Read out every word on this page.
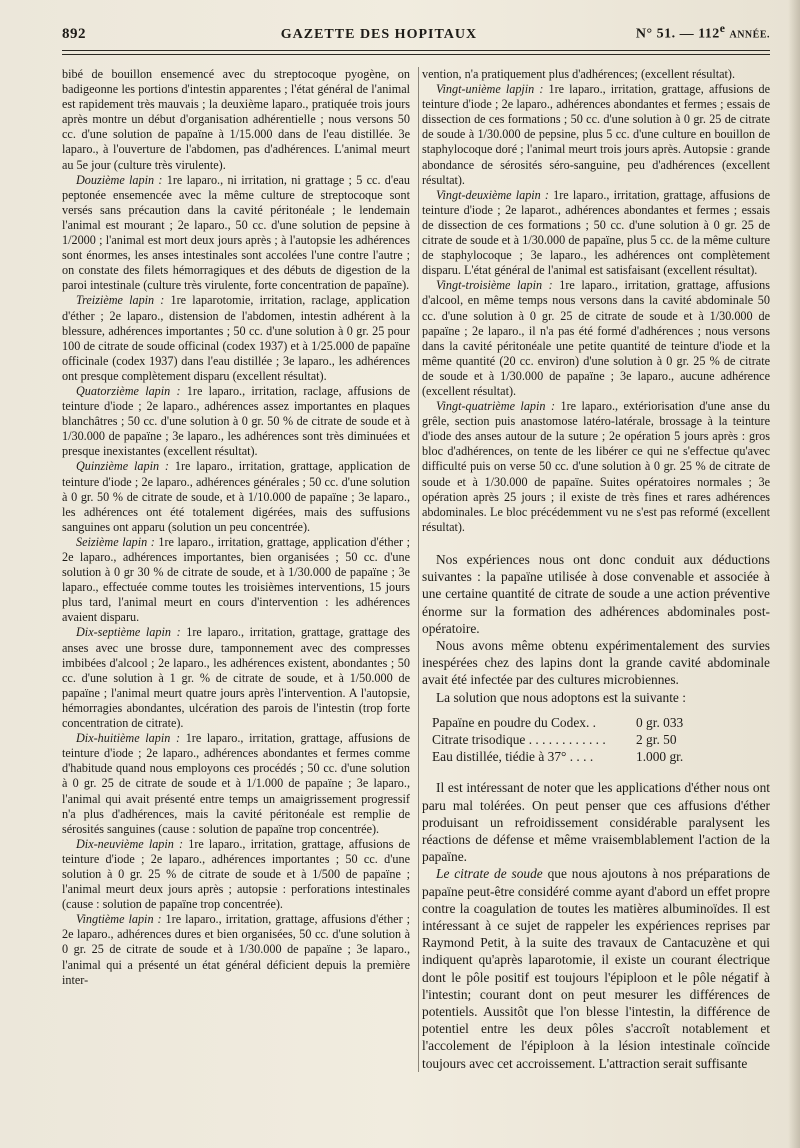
892	GAZETTE DES HOPITAUX	N° 51. — 112e ANNÉE.

bibé de bouillon ensemencé avec du streptocoque pyogène, on badigeonne les portions d'intestin apparentes ; l'état général de l'animal est rapidement très mauvais ; la deuxième laparo., pratiquée trois jours après montre un début d'organisation adhérentielle ; nous versons 50 cc. d'une solution de papaïne à 1/15.000 dans de l'eau distillée. 3e laparo., à l'ouverture de l'abdomen, pas d'adhérences. L'animal meurt au 5e jour (culture très virulente).

Douzième lapin : 1re laparo., ni irritation, ni grattage ; 5 cc. d'eau peptonée ensemencée avec la même culture de streptocoque sont versés sans précaution dans la cavité péritonéale ; le lendemain l'animal est mourant ; 2e laparo., 50 cc. d'une solution de pepsine à 1/2000 ; l'animal est mort deux jours après ; à l'autopsie les adhérences sont énormes, les anses intestinales sont accolées l'une contre l'autre ; on constate des filets hémorragiques et des débuts de digestion de la paroi intestinale (culture très virulente, forte concentration de papaïne).

Treizième lapin : 1re laparotomie, irritation, raclage, application d'éther ; 2e laparo., distension de l'abdomen, intestin adhérent à la blessure, adhérences importantes ; 50 cc. d'une solution à 0 gr. 25 pour 100 de citrate de soude officinal (codex 1937) et à 1/25.000 de papaïne officinale (codex 1937) dans l'eau distillée ; 3e laparo., les adhérences ont presque complètement disparu (excellent résultat).

Quatorzième lapin : 1re laparo., irritation, raclage, affusions de teinture d'iode ; 2e laparo., adhérences assez importantes en plaques blanchâtres ; 50 cc. d'une solution à 0 gr. 50 % de citrate de soude et à 1/30.000 de papaïne ; 3e laparo., les adhérences sont très diminuées et presque inexistantes (excellent résultat).

Quinzième lapin : 1re laparo., irritation, grattage, application de teinture d'iode ; 2e laparo., adhérences générales ; 50 cc. d'une solution à 0 gr. 50 % de citrate de soude, et à 1/10.000 de papaïne ; 3e laparo., les adhérences ont été totalement digérées, mais des suffusions sanguines ont apparu (solution un peu concentrée).

Seizième lapin : 1re laparo., irritation, grattage, application d'éther ; 2e laparo., adhérences importantes, bien organisées ; 50 cc. d'une solution à 0 gr 30 % de citrate de soude, et à 1/30.000 de papaïne ; 3e laparo., effectuée comme toutes les troisièmes interventions, 15 jours plus tard, l'animal meurt en cours d'intervention : les adhérences avaient disparu.

Dix-septième lapin : 1re laparo., irritation, grattage, grattage des anses avec une brosse dure, tamponnement avec des compresses imbibées d'alcool ; 2e laparo., les adhérences existent, abondantes ; 50 cc. d'une solution à 1 gr. % de citrate de soude, et à 1/50.000 de papaïne ; l'animal meurt quatre jours après l'intervention. A l'autopsie, hémorragies abondantes, ulcération des parois de l'intestin (trop forte concentration de citrate).

Dix-huitième lapin : 1re laparo., irritation, grattage, affusions de teinture d'iode ; 2e laparo., adhérences abondantes et fermes comme d'habitude quand nous employons ces procédés ; 50 cc. d'une solution à 0 gr. 25 de citrate de soude et à 1/1.000 de papaïne ; 3e laparo., l'animal qui avait présenté entre temps un amaigrissement progressif n'a plus d'adhérences, mais la cavité péritonéale est remplie de sérosités sanguines (cause : solution de papaïne trop concentrée).

Dix-neuvième lapin : 1re laparo., irritation, grattage, affusions de teinture d'iode ; 2e laparo., adhérences importantes ; 50 cc. d'une solution à 0 gr. 25 % de citrate de soude et à 1/500 de papaïne ; l'animal meurt deux jours après ; autopsie : perforations intestinales (cause : solution de papaïne trop concentrée).

Vingtième lapin : 1re laparo., irritation, grattage, affusions d'éther ; 2e laparo., adhérences dures et bien organisées, 50 cc. d'une solution à 0 gr. 25 de citrate de soude et à 1/30.000 de papaïne ; 3e laparo., l'animal qui a présenté un état général déficient depuis la première inter-

vention, n'a pratiquement plus d'adhérences; (excellent résultat).

Vingt-unième lapjin : 1re laparo., irritation, grattage, affusions de teinture d'iode ; 2e laparo., adhérences abondantes et fermes ; essais de dissection de ces formations ; 50 cc. d'une solution à 0 gr. 25 de citrate de soude à 1/30.000 de pepsine, plus 5 cc. d'une culture en bouillon de staphylocoque doré ; l'animal meurt trois jours après. Autopsie : grande abondance de sérosités séro-sanguine, peu d'adhérences (excellent résultat).

Vingt-deuxième lapin : 1re laparo., irritation, grattage, affusions de teinture d'iode ; 2e laparot., adhérences abondantes et fermes ; essais de dissection de ces formations ; 50 cc. d'une solution à 0 gr. 25 de citrate de soude et à 1/30.000 de papaïne, plus 5 cc. de la même culture de staphylocoque ; 3e laparo., les adhérences ont complètement disparu. L'état général de l'animal est satisfaisant (excellent résultat).

Vingt-troisième lapin : 1re laparo., irritation, grattage, affusions d'alcool, en même temps nous versons dans la cavité abdominale 50 cc. d'une solution à 0 gr. 25 de citrate de soude et à 1/30.000 de papaïne ; 2e laparo., il n'a pas été formé d'adhérences ; nous versons dans la cavité péritonéale une petite quantité de teinture d'iode et la même quantité (20 cc. environ) d'une solution à 0 gr. 25 % de citrate de soude et à 1/30.000 de papaïne ; 3e laparo., aucune adhérence (excellent résultat).

Vingt-quatrième lapin : 1re laparo., extériorisation d'une anse du grêle, section puis anastomose latéro-latérale, brossage à la teinture d'iode des anses autour de la suture ; 2e opération 5 jours après : gros bloc d'adhérences, on tente de les libérer ce qui ne s'effectue qu'avec difficulté puis on verse 50 cc. d'une solution à 0 gr. 25 % de citrate de soude et à 1/30.000 de papaïne. Suites opératoires normales ; 3e opération après 25 jours ; il existe de très fines et rares adhérences abdominales. Le bloc précédemment vu ne s'est pas reformé (excellent résultat).

Nos expériences nous ont donc conduit aux déductions suivantes : la papaïne utilisée à dose convenable et associée à une certaine quantité de citrate de soude a une action préventive énorme sur la formation des adhérences abdominales post-opératoire.

Nous avons même obtenu expérimentalement des survies inespérées chez des lapins dont la grande cavité abdominale avait été infectée par des cultures microbiennes.

La solution que nous adoptons est la suivante :

Papaïne en poudre du Codex. .	0 gr. 033
Citrate trisodique . . . . . . . . . . . . 2 gr. 50
Eau distillée, tiédie à 37° . . . .	1.000 gr.

Il est intéressant de noter que les applications d'éther nous ont paru mal tolérées. On peut penser que ces affusions d'éther produisant un refroidissement considérable paralysent les réactions de défense et même vraisemblablement l'action de la papaïne.

Le citrate de soude que nous ajoutons à nos préparations de papaïne peut-être considéré comme ayant d'abord un effet propre contre la coagulation de toutes les matières albuminoïdes. Il est intéressant à ce sujet de rappeler les expériences reprises par Raymond Petit, à la suite des travaux de Cantacuzène et qui indiquent qu'après laparotomie, il existe un courant électrique dont le pôle positif est toujours l'épiploon et le pôle négatif à l'intestin; courant dont on peut mesurer les différences de potentiels. Aussitôt que l'on blesse l'intestin, la différence de potentiel entre les deux pôles s'accroît notablement et l'accolement de l'épiploon à la lésion intestinale coïncide toujours avec cet accroissement. L'attraction serait suffisante
